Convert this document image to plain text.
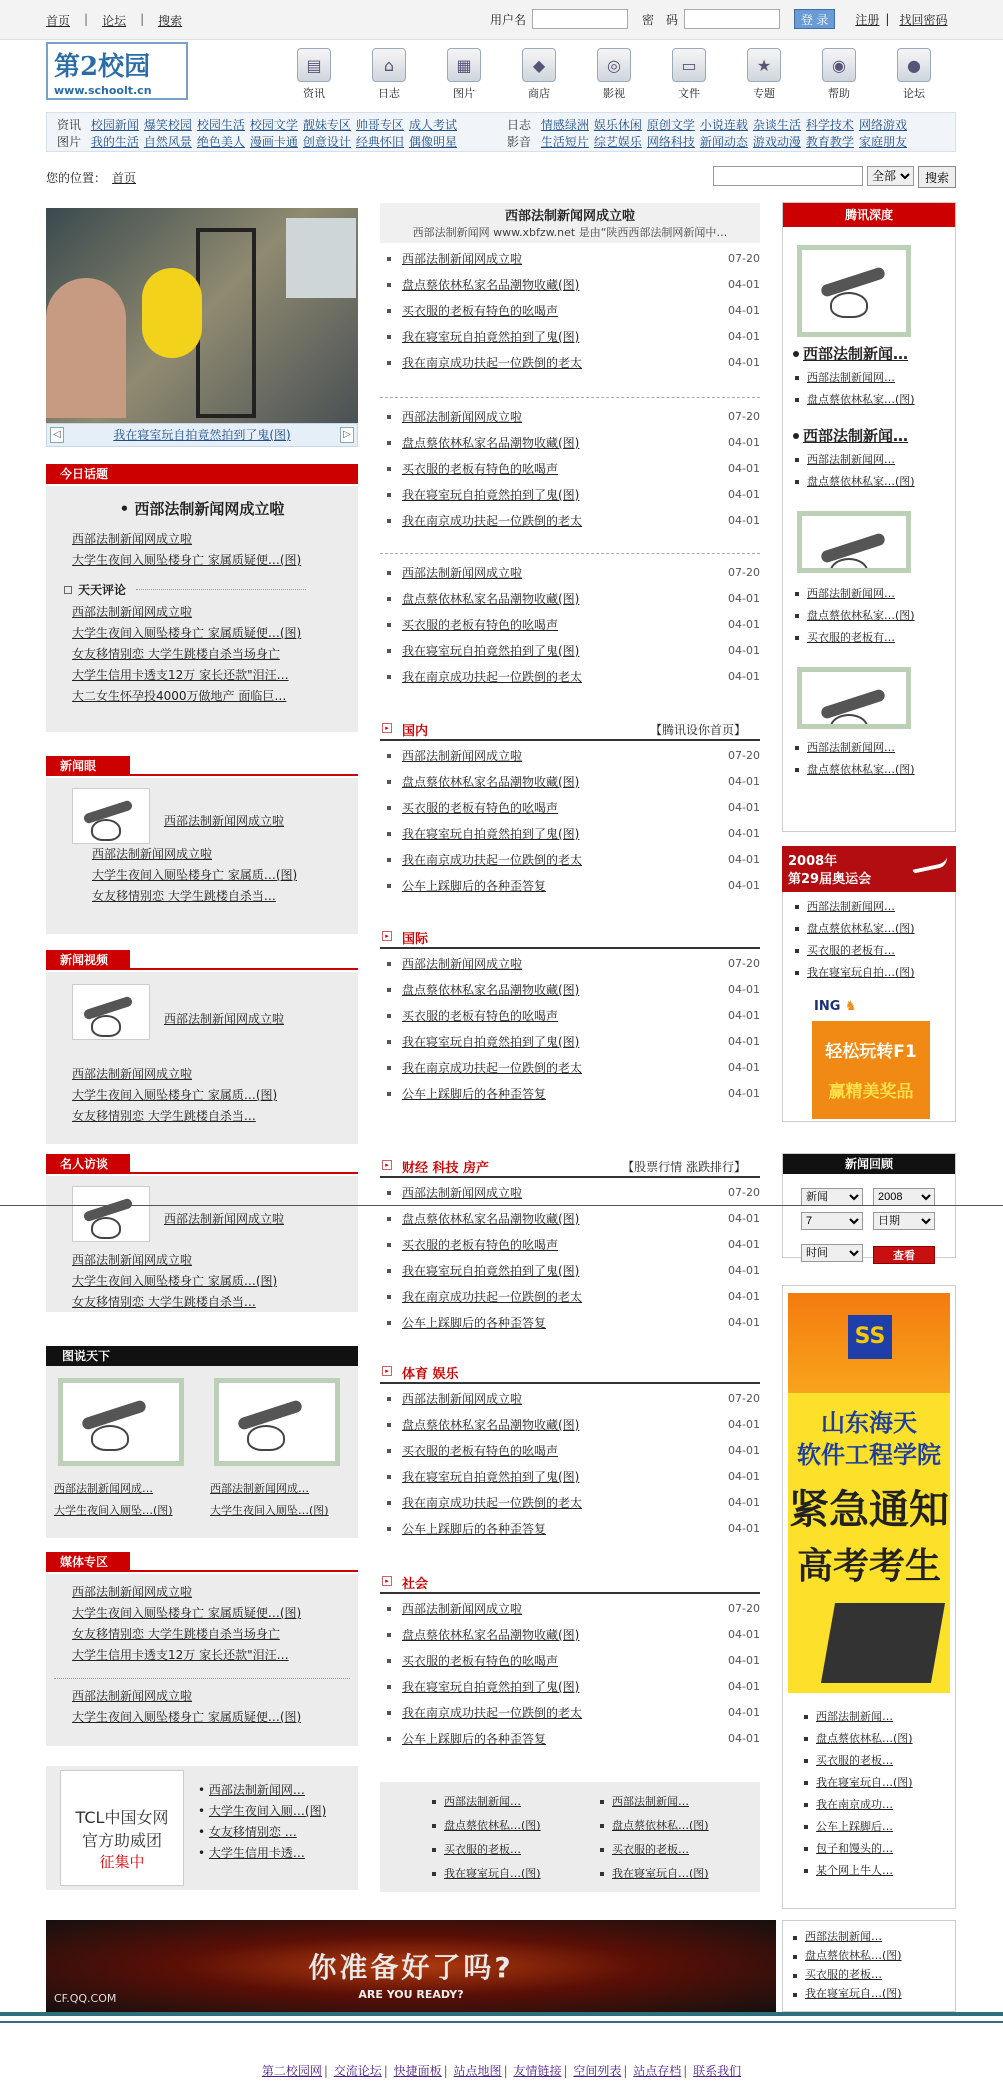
首页 | 论坛 | 搜索	用户名	密　码	登 录	注册 | 找回密码
第2校园
www.schoolt.cn
▤
资讯
⌂
日志
▦
图片
◆
商店
◎
影视
▭
文件
★
专题
◉
帮助
●
论坛
资讯 校园新闻 爆笑校园 校园生活 校园文学 靓妹专区 帅哥专区 成人考试
图片 我的生活 自然风景 绝色美人 漫画卡通 创意设计 经典怀旧 偶像明星
日志 情感绿洲 娱乐休闲 原创文学 小说连载 杂谈生活 科学技术 网络游戏
影音 生活短片 综艺娱乐 网络科技 新闻动态 游戏动漫 教育教学 家庭朋友
您的位置： 首页
全部	搜索
◁	我在寝室玩自拍竟然拍到了鬼(图)	▷
今日话题
• 西部法制新闻网成立啦
西部法制新闻网成立啦
大学生夜间入厕坠楼身亡 家属质疑便…(图)
天天评论
西部法制新闻网成立啦
大学生夜间入厕坠楼身亡 家属质疑便…(图)
女友移情别恋 大学生跳楼自杀当场身亡
大学生信用卡透支12万 家长还款"泪汪…
大二女生怀孕投4000万做地产 面临巨…
新闻眼
西部法制新闻网成立啦
西部法制新闻网成立啦
大学生夜间入厕坠楼身亡 家属质…(图)
女友移情别恋 大学生跳楼自杀当…
新闻视频
西部法制新闻网成立啦
西部法制新闻网成立啦
大学生夜间入厕坠楼身亡 家属质…(图)
女友移情别恋 大学生跳楼自杀当…
名人访谈
西部法制新闻网成立啦
西部法制新闻网成立啦
大学生夜间入厕坠楼身亡 家属质…(图)
女友移情别恋 大学生跳楼自杀当…
图说天下
西部法制新闻网成…
大学生夜间入厕坠…(图)
西部法制新闻网成…
大学生夜间入厕坠…(图)
媒体专区
西部法制新闻网成立啦
大学生夜间入厕坠楼身亡 家属质疑便…(图)
女友移情别恋 大学生跳楼自杀当场身亡
大学生信用卡透支12万 家长还款"泪汪…
西部法制新闻网成立啦
大学生夜间入厕坠楼身亡 家属质疑便…(图)
TCL中国女网
官方助威团
征集中
• 西部法制新闻网…
• 大学生夜间入厕…(图)
• 女友移情别恋 …
• 大学生信用卡透…
西部法制新闻网成立啦
西部法制新闻网 www.xbfzw.net 是由“陕西西部法制网新闻中…
西部法制新闻网成立啦	07-20
盘点蔡依林私家名品潮物收藏(图)	04-01
买衣服的老板有特色的吆喝声	04-01
我在寝室玩自拍竟然拍到了鬼(图)	04-01
我在南京成功扶起一位跌倒的老太	04-01
西部法制新闻网成立啦	07-20
盘点蔡依林私家名品潮物收藏(图)	04-01
买衣服的老板有特色的吆喝声	04-01
我在寝室玩自拍竟然拍到了鬼(图)	04-01
我在南京成功扶起一位跌倒的老太	04-01
西部法制新闻网成立啦	07-20
盘点蔡依林私家名品潮物收藏(图)	04-01
买衣服的老板有特色的吆喝声	04-01
我在寝室玩自拍竟然拍到了鬼(图)	04-01
我在南京成功扶起一位跌倒的老太	04-01
▸ 国内	【腾讯设你首页】
西部法制新闻网成立啦	07-20
盘点蔡依林私家名品潮物收藏(图)	04-01
买衣服的老板有特色的吆喝声	04-01
我在寝室玩自拍竟然拍到了鬼(图)	04-01
我在南京成功扶起一位跌倒的老太	04-01
公车上踩脚后的各种歪答复	04-01
▸ 国际
西部法制新闻网成立啦	07-20
盘点蔡依林私家名品潮物收藏(图)	04-01
买衣服的老板有特色的吆喝声	04-01
我在寝室玩自拍竟然拍到了鬼(图)	04-01
我在南京成功扶起一位跌倒的老太	04-01
公车上踩脚后的各种歪答复	04-01
▸ 财经 科技 房产	【股票行情 涨跌排行】
西部法制新闻网成立啦	07-20
盘点蔡依林私家名品潮物收藏(图)	04-01
买衣服的老板有特色的吆喝声	04-01
我在寝室玩自拍竟然拍到了鬼(图)	04-01
我在南京成功扶起一位跌倒的老太	04-01
公车上踩脚后的各种歪答复	04-01
▸ 体育 娱乐
西部法制新闻网成立啦	07-20
盘点蔡依林私家名品潮物收藏(图)	04-01
买衣服的老板有特色的吆喝声	04-01
我在寝室玩自拍竟然拍到了鬼(图)	04-01
我在南京成功扶起一位跌倒的老太	04-01
公车上踩脚后的各种歪答复	04-01
▸ 社会
西部法制新闻网成立啦	07-20
盘点蔡依林私家名品潮物收藏(图)	04-01
买衣服的老板有特色的吆喝声	04-01
我在寝室玩自拍竟然拍到了鬼(图)	04-01
我在南京成功扶起一位跌倒的老太	04-01
公车上踩脚后的各种歪答复	04-01
西部法制新闻…
盘点蔡依林私…(图)
买衣服的老板…
我在寝室玩自…(图)
西部法制新闻…
盘点蔡依林私…(图)
买衣服的老板…
我在寝室玩自…(图)
腾讯深度
西部法制新闻…
西部法制新闻网…
盘点蔡依林私家…(图)
西部法制新闻…
西部法制新闻网…
盘点蔡依林私家…(图)
西部法制新闻网…
盘点蔡依林私家…(图)
买衣服的老板有…
西部法制新闻网…
盘点蔡依林私家…(图)
2008年
第29届奥运会
西部法制新闻网…
盘点蔡依林私家…(图)
买衣服的老板有…
我在寝室玩自拍…(图)
ING ♞
轻松玩转F1
赢精美奖品
新闻回顾
新闻
2008
7
日期
时间
查看
SS
山东海天
软件工程学院
紧急通知
高考考生
西部法制新闻…
盘点蔡依林私…(图)
买衣服的老板…
我在寝室玩自…(图)
我在南京成功…
公车上踩脚后…
包子和馒头的…
某个网上牛人…
你准备好了吗?
ARE YOU READY?
CF.QQ.COM
西部法制新闻…
盘点蔡依林私…(图)
买衣服的老板…
我在寝室玩自…(图)
第二校园网 | 交流论坛 | 快捷面板 | 站点地图 | 友情链接 | 空间列表 | 站点存档 | 联系我们
